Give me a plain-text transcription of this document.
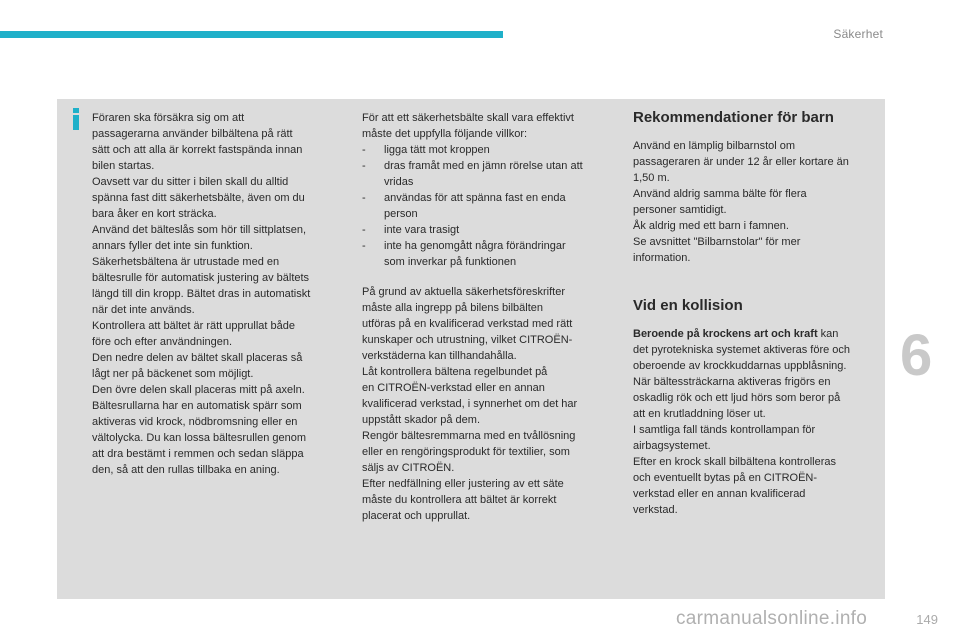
Säkerhet

Föraren ska försäkra sig om att

passagerarna använder bilbältena på rätt

sätt och att alla är korrekt fastspända innan

bilen startas.

Oavsett var du sitter i bilen skall du alltid

spänna fast ditt säkerhetsbälte, även om du

bara åker en kort sträcka.

Använd det bälteslås som hör till sittplatsen,

annars fyller det inte sin funktion.

Säkerhetsbältena är utrustade med en

bältesrulle för automatisk justering av bältets

längd till din kropp. Bältet dras in automatiskt

när det inte används.

Kontrollera att bältet är rätt upprullat både

före och efter användningen.

Den nedre delen av bältet skall placeras så

lågt ner på bäckenet som möjligt.

Den övre delen skall placeras mitt på axeln.

Bältesrullarna har en automatisk spärr som

aktiveras vid krock, nödbromsning eller en

vältolycka. Du kan lossa bältesrullen genom

att dra bestämt i remmen och sedan släppa

den, så att den rullas tillbaka en aning.

För att ett säkerhetsbälte skall vara effektivt

måste det uppfylla följande villkor:

- ligga tätt mot kroppen
- dras framåt med en jämn rörelse utan att
vridas
- användas för att spänna fast en enda
person
- inte vara trasigt
- inte ha genomgått några förändringar
som inverkar på funktionen

På grund av aktuella säkerhetsföreskrifter

måste alla ingrepp på bilens bilbälten

utföras på en kvalificerad verkstad med rätt

kunskaper och utrustning, vilket CITROËN-

verkstäderna kan tillhandahålla.

Låt kontrollera bältena regelbundet på

en CITROËN-verkstad eller en annan

kvalificerad verkstad, i synnerhet om det har

uppstått skador på dem.

Rengör bältesremmarna med en tvållösning

eller en rengöringsprodukt för textilier, som

säljs av CITROËN.

Efter nedfällning eller justering av ett säte

måste du kontrollera att bältet är korrekt

placerat och upprullat.

Rekommendationer för barn

Använd en lämplig bilbarnstol om

passageraren är under 12 år eller kortare än

1,50 m.

Använd aldrig samma bälte för flera

personer samtidigt.

Åk aldrig med ett barn i famnen.

Se avsnittet "Bilbarnstolar" för mer

information.

Vid en kollision

Beroende på krockens art och kraft kan

det pyrotekniska systemet aktiveras före och

oberoende av krockkuddarnas uppblåsning.

När bältessträckarna aktiveras frigörs en

oskadlig rök och ett ljud hörs som beror på

att en krutladdning löser ut.

I samtliga fall tänds kontrollampan för

airbagsystemet.

Efter en krock skall bilbältena kontrolleras

och eventuellt bytas på en CITROËN-

verkstad eller en annan kvalificerad

verkstad.

6
carmanualsonline.info	149
